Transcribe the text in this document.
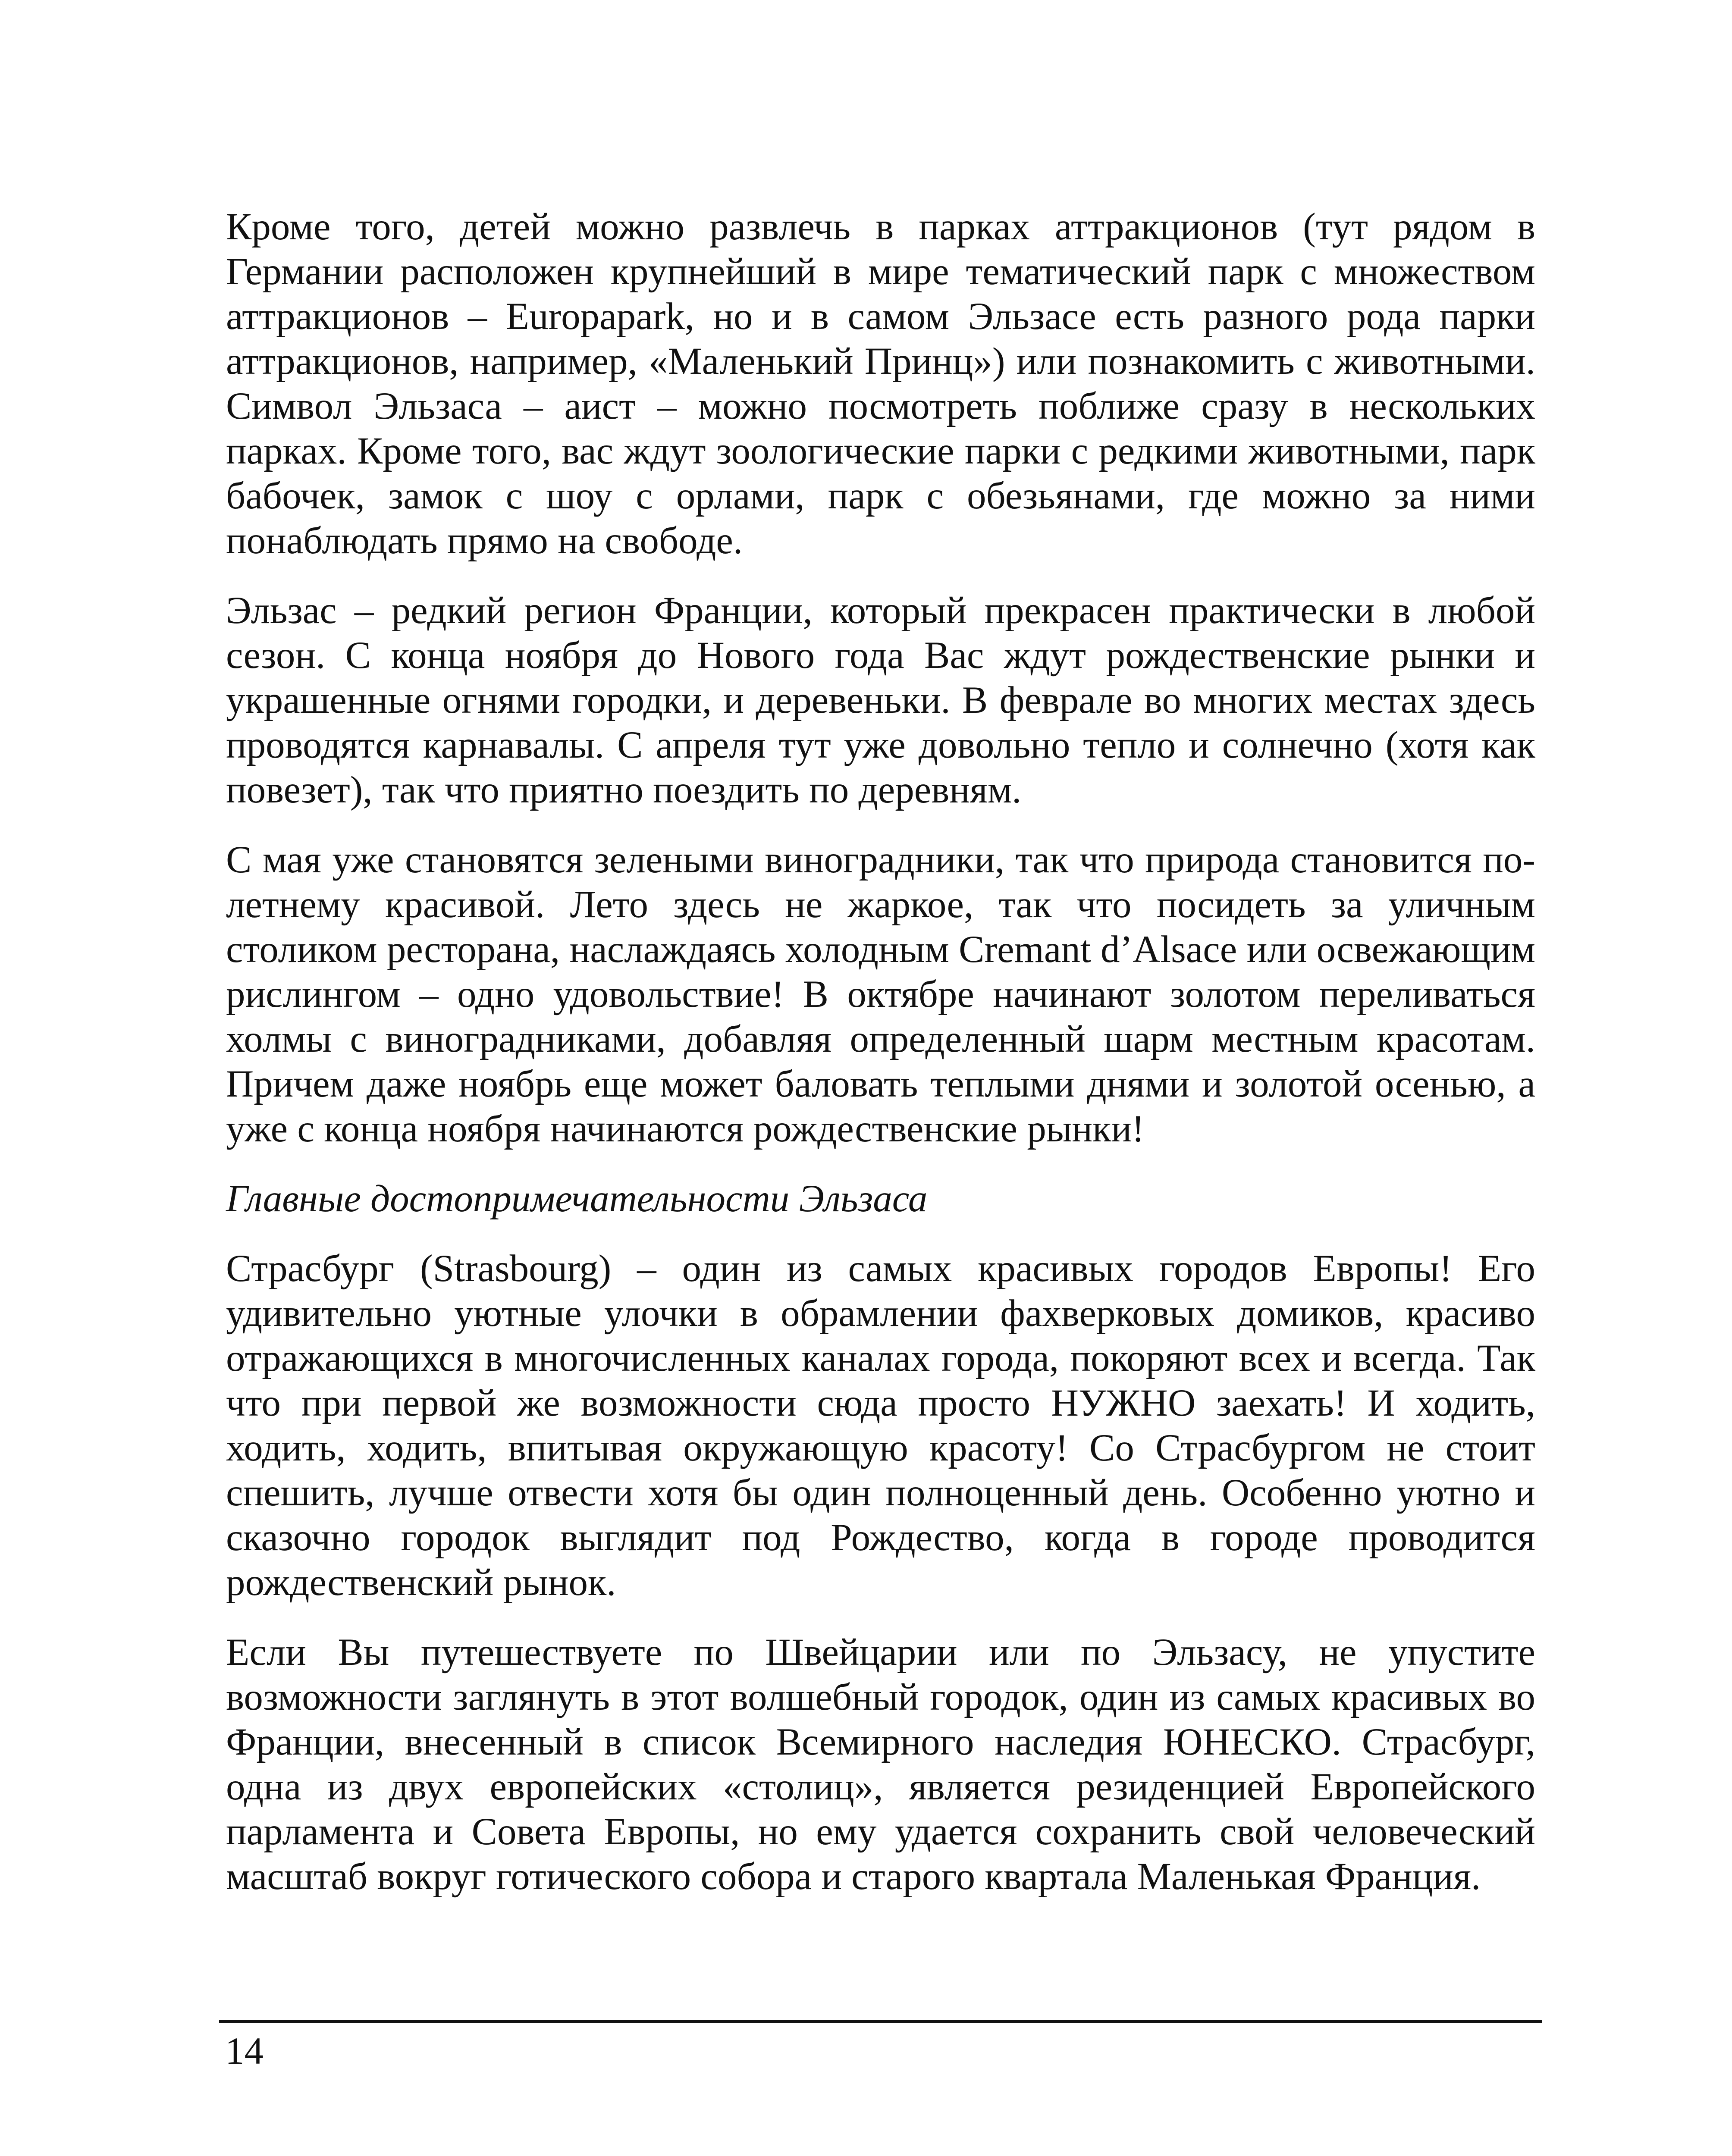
Кроме того, детей можно развлечь в парках аттракционов (тут рядом в Германии расположен крупнейший в мире тематический парк с множеством аттракционов – Europapark, но и в самом Эльзасе есть разного рода парки аттракционов, например, «Маленький Принц») или познакомить с животными. Символ Эльзаса – аист – можно посмотреть поближе сразу в нескольких парках. Кроме того, вас ждут зоологические парки с редкими животными, парк бабочек, замок с шоу с орлами, парк с обезьянами, где можно за ними понаблюдать прямо на свободе.

Эльзас – редкий регион Франции, который прекрасен практически в любой сезон. С конца ноября до Нового года Вас ждут рождественские рынки и украшенные огнями городки, и деревеньки. В феврале во многих местах здесь проводятся карнавалы. С апреля тут уже довольно тепло и солнечно (хотя как повезет), так что приятно поездить по деревням.

С мая уже становятся зелеными виноградники, так что природа становится по-летнему красивой. Лето здесь не жаркое, так что посидеть за уличным столиком ресторана, наслаждаясь холодным Cremant d’Alsace или освежающим рислингом – одно удовольствие! В октябре начинают золотом переливаться холмы с виноградниками, добавляя определенный шарм местным красотам. Причем даже ноябрь еще может баловать теплыми днями и золотой осенью, а уже с конца ноября начинаются рождественские рынки!

Главные достопримечательности Эльзаса

Страсбург (Strasbourg) – один из самых красивых городов Европы! Его удивительно уютные улочки в обрамлении фахверковых домиков, красиво отражающихся в многочисленных каналах города, покоряют всех и всегда. Так что при первой же возможности сюда просто НУЖНО заехать! И ходить, ходить, ходить, впитывая окружающую красоту! Со Страсбургом не стоит спешить, лучше отвести хотя бы один полноценный день. Особенно уютно и сказочно городок выглядит под Рождество, когда в городе проводится рождественский рынок.

Если Вы путешествуете по Швейцарии или по Эльзасу, не упустите возможности заглянуть в этот волшебный городок, один из самых красивых во Франции, внесенный в список Всемирного наследия ЮНЕСКО. Страсбург, одна из двух европейских «столиц», является резиденцией Европейского парламента и Совета Европы, но ему удается сохранить свой человеческий масштаб вокруг готического собора и старого квартала Маленькая Франция.

14
